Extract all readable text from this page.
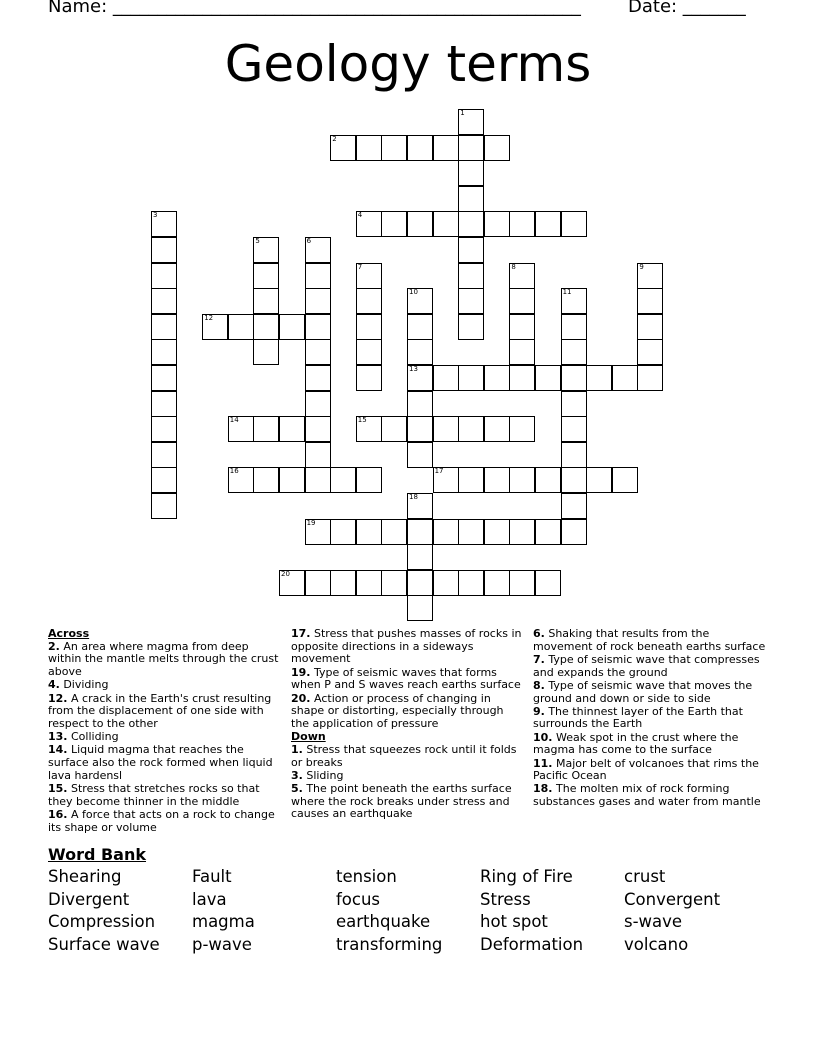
Name: ____________________________________________________	Date: _______
Geology terms
1
2
3	4
5	6
7	8	9
10
13
11
12
14	15
16	17
18
19
20
Across
2. An area where magma from deep within the mantle melts through the crust above
4. Dividing
12. A crack in the Earth's crust resulting from the displacement of one side with respect to the other
13. Colliding
14. Liquid magma that reaches the surface also the rock formed when liquid lava hardensl
15. Stress that stretches rocks so that they become thinner in the middle
16. A force that acts on a rock to change its shape or volume
17. Stress that pushes masses of rocks in opposite directions in a sideways movement
19. Type of seismic waves that forms when P and S waves reach earths surface
20. Action or process of changing in shape or distorting, especially through the application of pressure
Down
1. Stress that squeezes rock until it folds or breaks
3. Sliding
5. The point beneath the earths surface where the rock breaks under stress and causes an earthquake
6. Shaking that results from the movement of rock beneath earths surface
7. Type of seismic wave that compresses and expands the ground
8. Type of seismic wave that moves the ground and down or side to side
9. The thinnest layer of the Earth that surrounds the Earth
10. Weak spot in the crust where the magma has come to the surface
11. Major belt of volcanoes that rims the Pacific Ocean
18. The molten mix of rock forming substances gases and water from mantle
Word Bank
Shearing	Fault	tension	Ring of Fire	crust
Divergent	lava	focus	Stress	Convergent
Compression	magma	earthquake	hot spot	s-wave
Surface wave	p-wave	transforming	Deformation	volcano
